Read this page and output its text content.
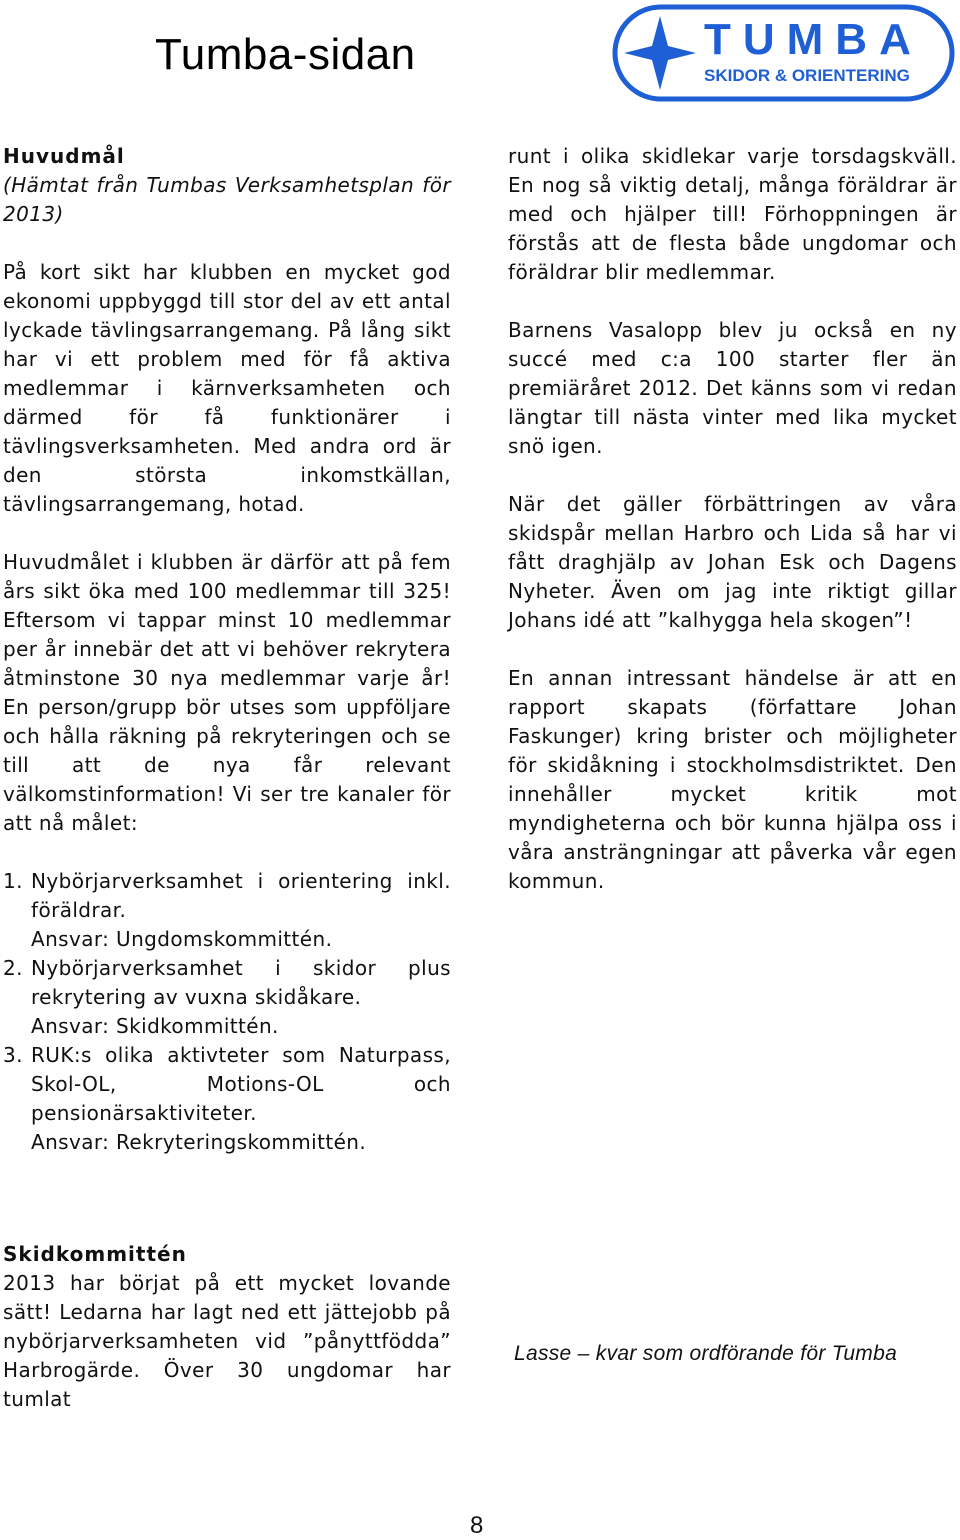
Tumba-sidan	TUMBA
SKIDOR & ORIENTERING

Huvudmål
(Hämtat från Tumbas Verksamhetsplan för 2013)

På kort sikt har klubben en mycket god ekonomi uppbyggd till stor del av ett antal lyckade tävlingsarrangemang. På lång sikt har vi ett problem med för få aktiva medlemmar i kärnverksamheten och därmed för få funktionärer i tävlingsverksamheten. Med andra ord är den största inkomstkällan, tävlingsarrangemang, hotad.

Huvudmålet i klubben är därför att på fem års sikt öka med 100 medlemmar till 325! Eftersom vi tappar minst 10 medlemmar per år innebär det att vi behöver rekrytera åtminstone 30 nya medlemmar varje år! En person/grupp bör utses som uppföljare och hålla räkning på rekryteringen och se till att de nya får relevant välkomstinformation! Vi ser tre kanaler för att nå målet:

1. Nybörjarverksamhet i orientering inkl. föräldrar.
Ansvar: Ungdomskommittén.
2. Nybörjarverksamhet i skidor plus rekrytering av vuxna skidåkare.
Ansvar: Skidkommittén.
3. RUK:s olika aktivteter som Naturpass, Skol-OL, Motions-OL och pensionärsaktiviteter.
Ansvar: Rekryteringskommittén.

Skidkommittén
2013 har börjat på ett mycket lovande sätt! Ledarna har lagt ned ett jättejobb på nybörjarverksamheten vid ”pånyttfödda” Harbrogärde. Över 30 ungdomar har tumlat

runt i olika skidlekar varje torsdagskväll. En nog så viktig detalj, många föräldrar är med och hjälper till! Förhoppningen är förstås att de flesta både ungdomar och föräldrar blir medlemmar.

Barnens Vasalopp blev ju också en ny succé med c:a 100 starter fler än premiäråret 2012. Det känns som vi redan längtar till nästa vinter med lika mycket snö igen.

När det gäller förbättringen av våra skidspår mellan Harbro och Lida så har vi fått draghjälp av Johan Esk och Dagens Nyheter. Även om jag inte riktigt gillar Johans idé att ”kalhygga hela skogen”!

En annan intressant händelse är att en rapport skapats (författare Johan Faskunger) kring brister och möjligheter för skidåkning i stockholmsdistriktet. Den innehåller mycket kritik mot myndigheterna och bör kunna hjälpa oss i våra ansträngningar att påverka vår egen kommun.

Lasse – kvar som ordförande för Tumba
8
